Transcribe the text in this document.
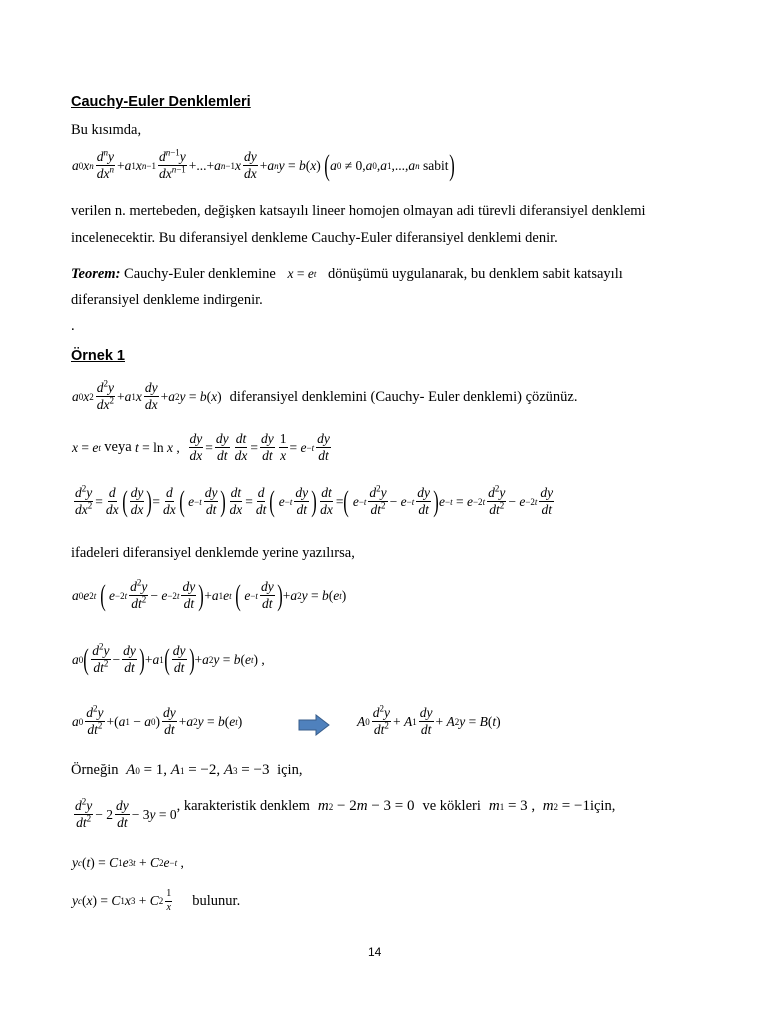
Cauchy-Euler Denklemleri
Bu kısımda,
a 0 x n
$d^ny$
$dx^n + a$ 1 x n−1
$d^{n-1}y$
$dx^{n-1}$ +...+ a n−1 x
dy
dx
+ a n y = b ( x ) ( a 0 ≠ 0, a 0 , a 1 ,..., a n sabit )
verilen n. mertebeden, değişken katsayılı lineer homojen olmayan adi türevli diferansiyel denklemi
incelenecektir. Bu diferansiyel denkleme Cauchy-Euler diferansiyel denklemi denir.
Teorem: Cauchy-Euler denklemine x = e t dönüşümü uygulanarak, bu denklem sabit katsayılı
diferansiyel denkleme indirgenir.
.
Örnek 1
a 0 x 2
$d^2y$
$dx^2 + a$ 1 x
dy
dx
+ a 2 y = b ( x ) diferansiyel denklemini (Cauchy- Euler denklemi) çözünüz.
x = e t
veya
t = ln x ,
dy
dx
=
dy
dt
dt
dx
=
dy
dt
1
x
= e −t
dy
dt
$d^2y$
$dx^2$ =
d
dx ( dy
dx ) =
d
dx (
e −t
dy
dt ) dt
dx
=
d
dt (
e −t
dy
dt ) dt
dx
= (
e −t
$d^2y$
$dt^2 - e -t$
dy
dt ) e −t = e −2t
$d^2y$
$dt^2 - e -2t$
dy
dt
ifadeleri diferansiyel denklemde yerine yazılırsa,
a 0 e 2t
(
e −2t
$d^2y$
$dt^2 - e -2t$
dy
dt ) + a 1 e t
(
e −t
dy
dt ) + a 2 y = b ( e t )
a 0 ( $d^2y$
$dt^2$ −
dy
dt ) + a 1 ( dy
dt ) + a 2 y = b ( e t ) ,
a 0
$d^2y$
$dt^2$ +( a 1 − a 0 )
dy
dt
+ a 2 y = b ( e t )	A 0
$d^2y$
$dt^2 + A$ 1
dy
dt
+ A 2 y = B ( t )
Örneğin A 0 = 1, A 1 = −2, A 3 = −3 için,
$d^2y$
$dt^2 - 2$
dy
dt
− 3 y = 0, karakteristik denklem m 2 − 2 m − 3 = 0 ve kökleri m 1 = 3 , m 2 = −1için,
y c ( t ) = C 1 e 3t + C 2 e −t ,
y c ( x ) = C 1 x 3 + C 2
1
x bulunur.
14
